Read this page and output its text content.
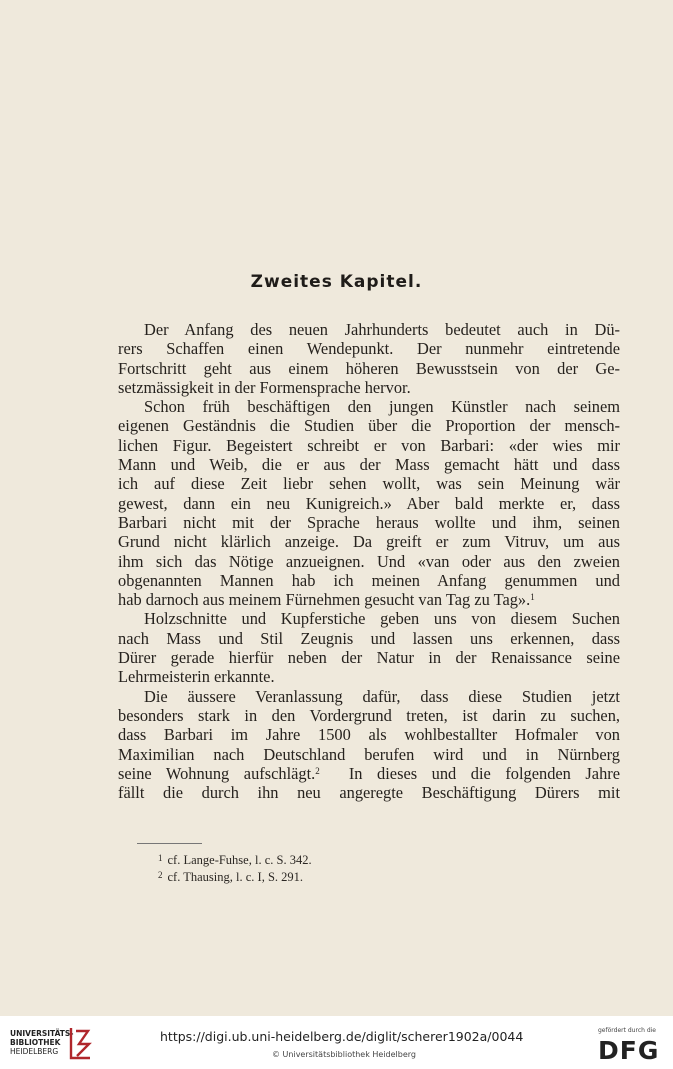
Zweites Kapitel.
Der Anfang des neuen Jahrhunderts bedeutet auch in Dü-
rers Schaffen einen Wendepunkt. Der nunmehr eintretende
Fortschritt geht aus einem höheren Bewusstsein von der Ge-
setzmässigkeit in der Formensprache hervor.
Schon früh beschäftigen den jungen Künstler nach seinem
eigenen Geständnis die Studien über die Proportion der mensch-
lichen Figur. Begeistert schreibt er von Barbari: «der wies mir
Mann und Weib, die er aus der Mass gemacht hätt und dass
ich auf diese Zeit liebr sehen wollt, was sein Meinung wär
gewest, dann ein neu Kunigreich.» Aber bald merkte er, dass
Barbari nicht mit der Sprache heraus wollte und ihm, seinen
Grund nicht klärlich anzeige. Da greift er zum Vitruv, um aus
ihm sich das Nötige anzueignen. Und «van oder aus den zweien
obgenannten Mannen hab ich meinen Anfang genummen und
hab darnoch aus meinem Fürnehmen gesucht van Tag zu Tag».$^1$
Holzschnitte und Kupferstiche geben uns von diesem Suchen
nach Mass und Stil Zeugnis und lassen uns erkennen, dass
Dürer gerade hierfür neben der Natur in der Renaissance seine
Lehrmeisterin erkannte.
Die äussere Veranlassung dafür, dass diese Studien jetzt
besonders stark in den Vordergrund treten, ist darin zu suchen,
dass Barbari im Jahre 1500 als wohlbestallter Hofmaler von
Maximilian nach Deutschland berufen wird und in Nürnberg
seine Wohnung aufschlägt.$^2$ In dieses und die folgenden Jahre
fällt die durch ihn neu angeregte Beschäftigung Dürers mit
$^1$ cf. Lange-Fuhse, l. c. S. 342.
$^2$ cf. Thausing, l. c. I, S. 291.
UNIVERSITÄTS-
BIBLIOTHEK
HEIDELBERG
https://digi.ub.uni-heidelberg.de/diglit/scherer1902a/0044
© Universitätsbibliothek Heidelberg
gefördert durch die
DFG
